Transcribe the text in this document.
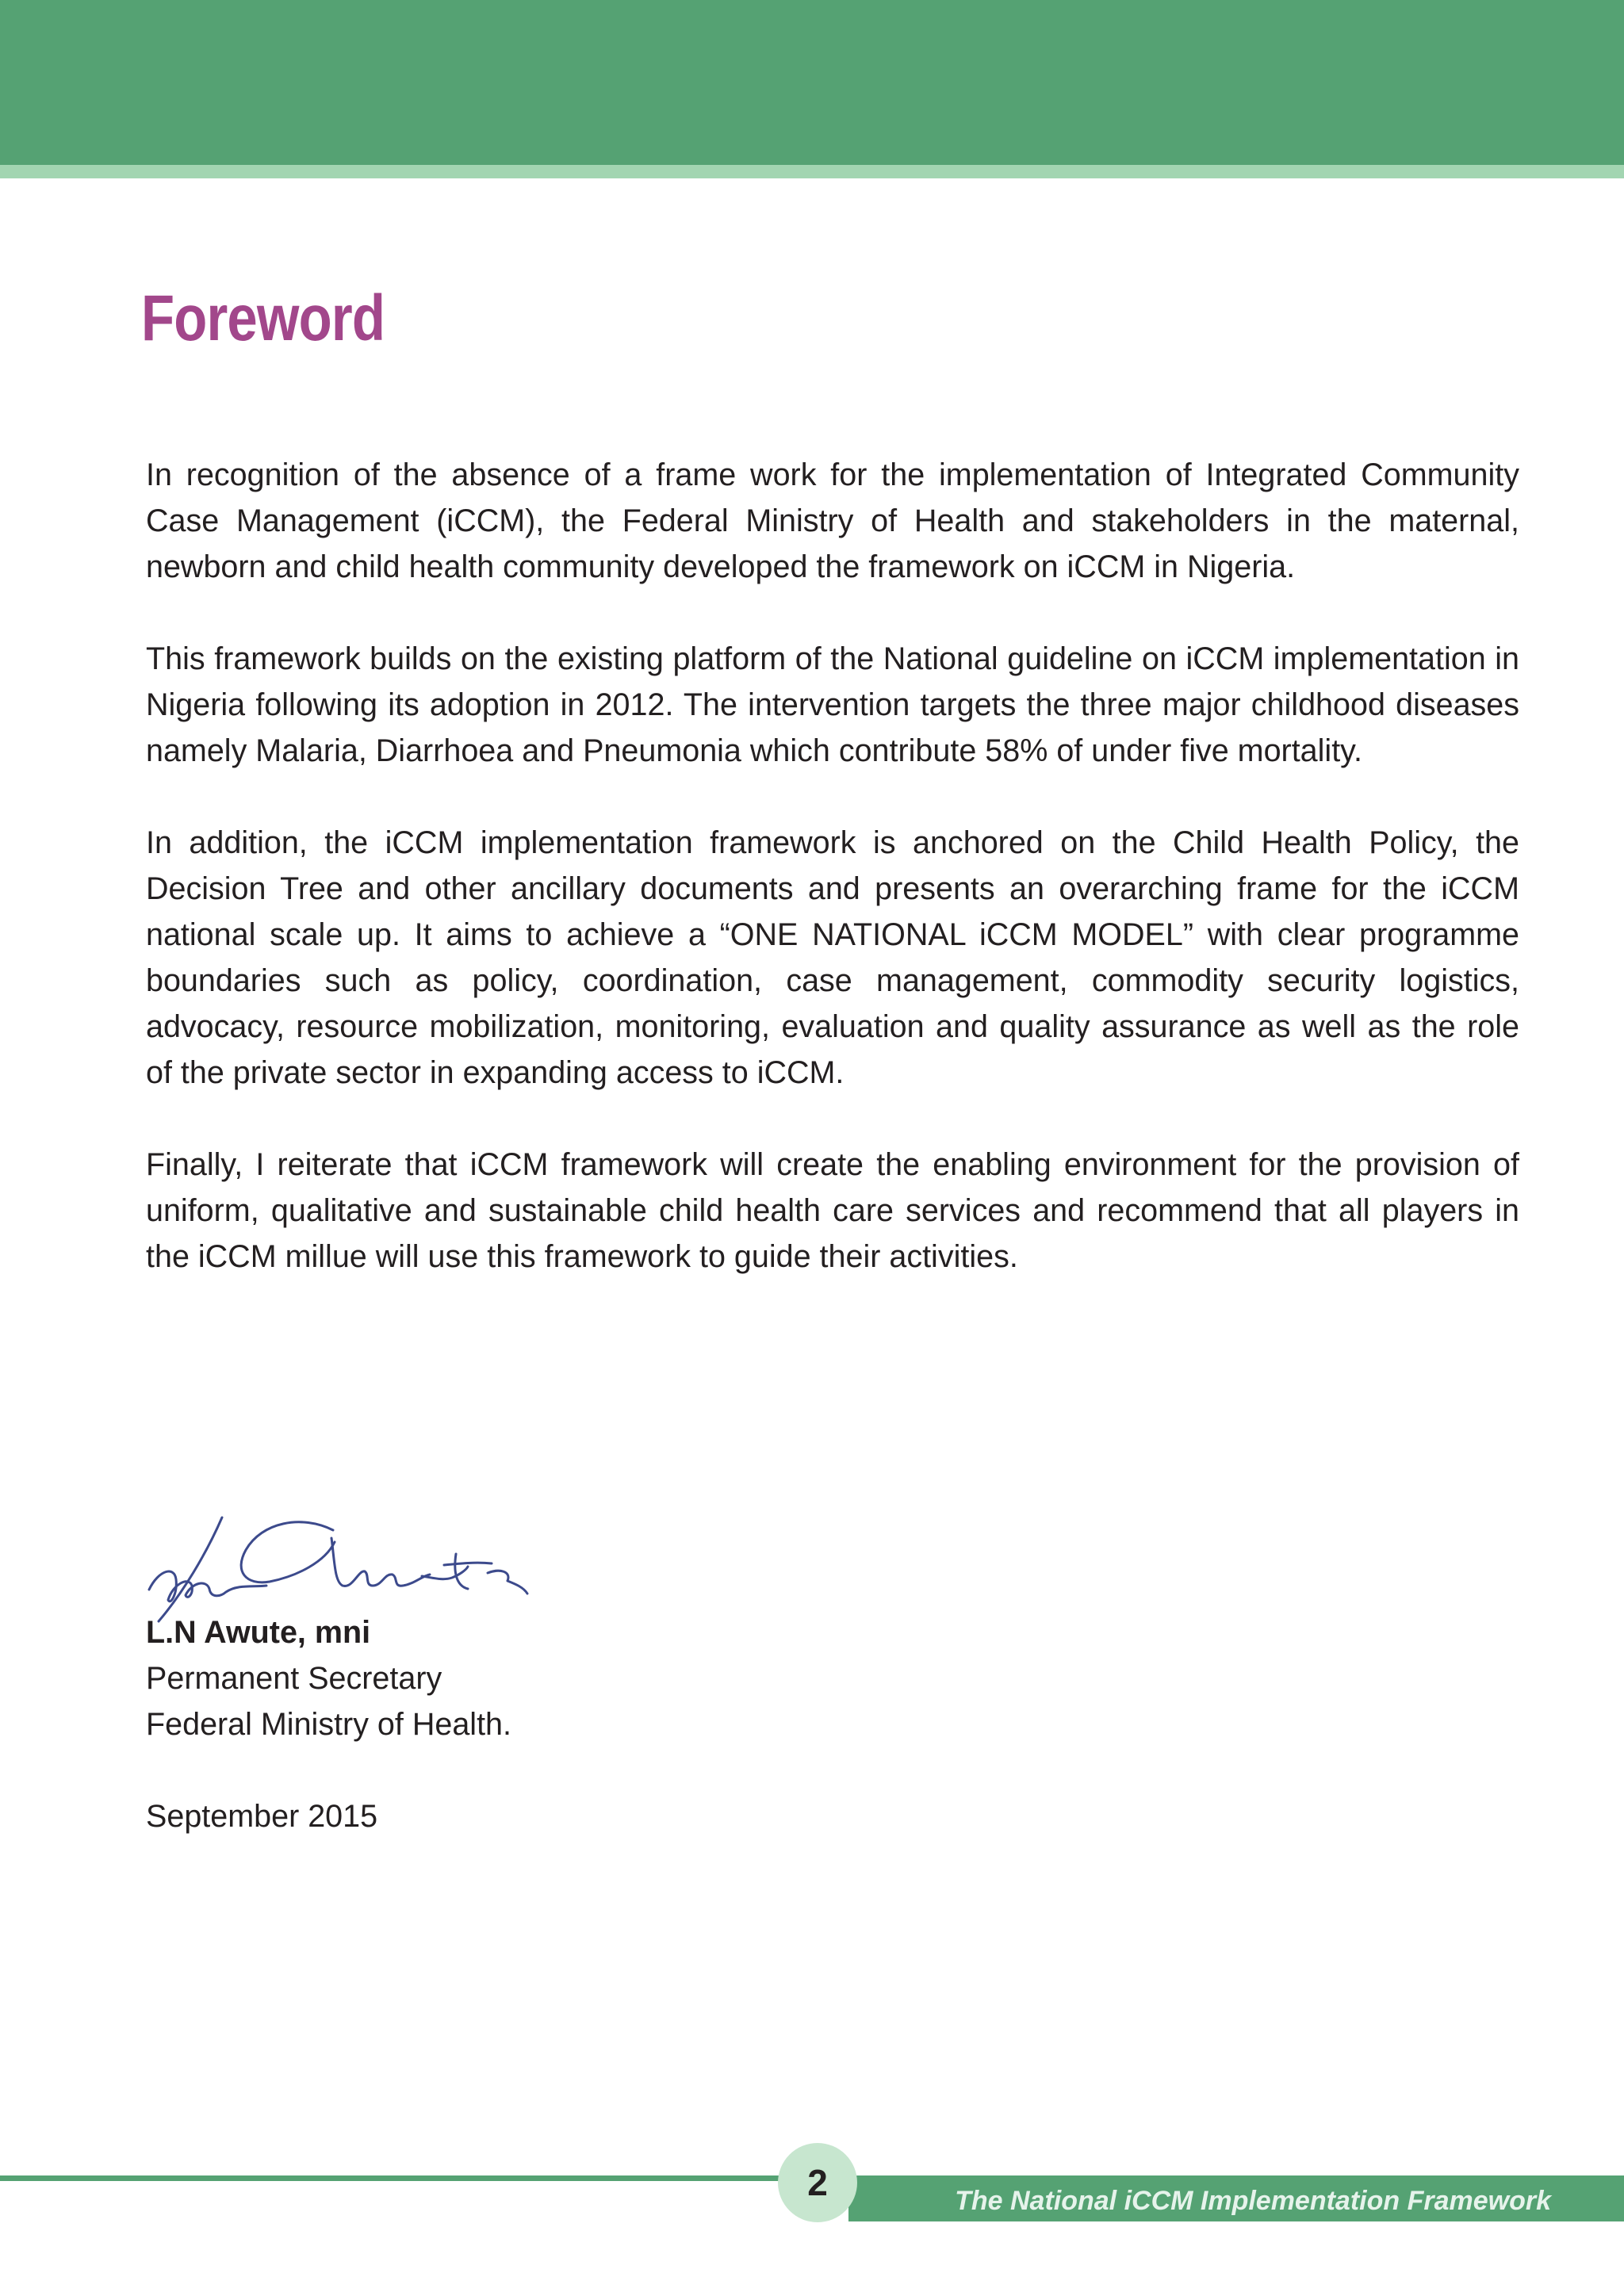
Foreword

In recognition of the absence of a frame work for the implementation of Integrated Community Case Management (iCCM), the Federal Ministry of Health and stakeholders in the maternal, newborn and child health community developed the framework on iCCM in Nigeria.

This framework builds on the existing platform of the National guideline on iCCM implementation in Nigeria following its adoption in 2012. The intervention targets the three major childhood diseases namely Malaria, Diarrhoea and Pneumonia which contribute 58% of under five mortality.

In addition, the iCCM implementation framework is anchored on the Child Health Policy, the Decision Tree and other ancillary documents and presents an overarching frame for the iCCM national scale up. It aims to achieve a “ONE NATIONAL iCCM MODEL” with clear programme boundaries such as policy, coordination, case management, commodity security logistics, advocacy, resource mobilization, monitoring, evaluation and quality assurance as well as the role of the private sector in expanding access to iCCM.

Finally, I reiterate that iCCM framework will create the enabling environment for the provision of uniform, qualitative and sustainable child health care services and recommend that all players in the iCCM millue will use this framework to guide their activities.

L.N Awute, mni
Permanent Secretary
Federal Ministry of Health.
September 2015
The National iCCM Implementation Framework
2
